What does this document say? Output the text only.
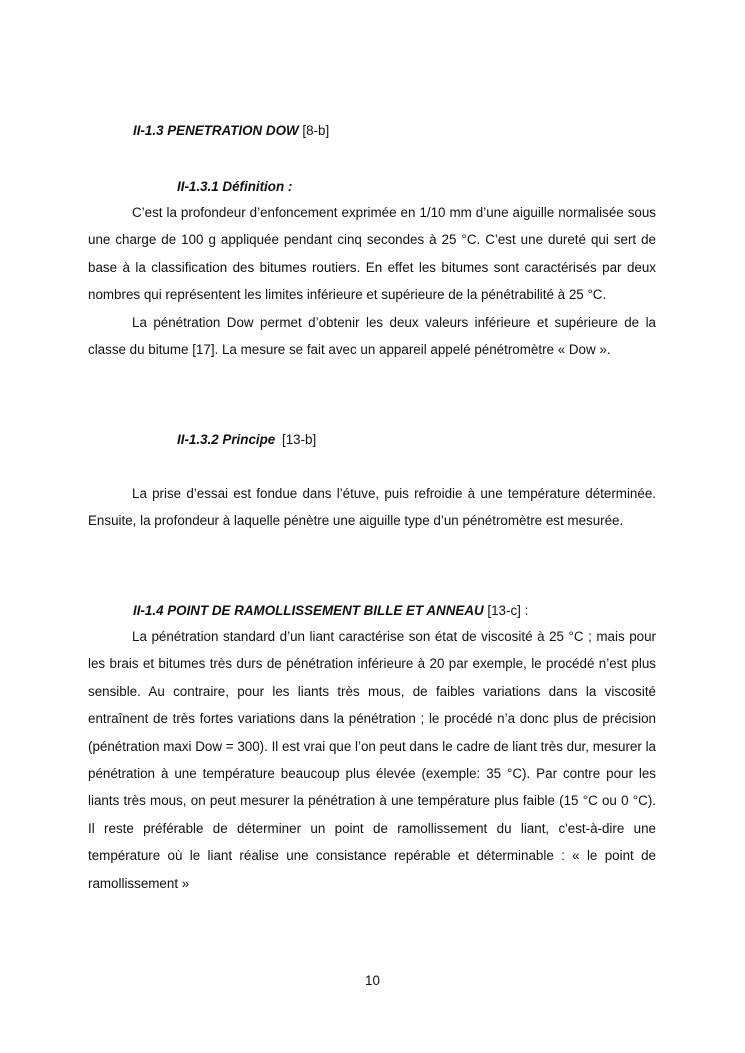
II-1.3 PENETRATION DOW [8-b]
II-1.3.1 Définition :

C’est la profondeur d’enfoncement exprimée en 1/10 mm d’une aiguille normalisée sous une charge de 100 g appliquée pendant cinq secondes à 25 °C. C’est une dureté qui sert de base à la classification des bitumes routiers. En effet les bitumes sont caractérisés par deux nombres qui représentent les limites inférieure et supérieure de la pénétrabilité à 25 °C.

La pénétration Dow permet d’obtenir les deux valeurs inférieure et supérieure de la classe du bitume [17]. La mesure se fait avec un appareil appelé pénétromètre « Dow ».

II-1.3.2 Principe [13-b]

La prise d’essai est fondue dans l’étuve, puis refroidie à une température déterminée. Ensuite, la profondeur à laquelle pénètre une aiguille type d’un pénétromètre est mesurée.

II-1.4 POINT DE RAMOLLISSEMENT BILLE ET ANNEAU [13-c] :

La pénétration standard d’un liant caractérise son état de viscosité à 25 °C ; mais pour les brais et bitumes très durs de pénétration inférieure à 20 par exemple, le procédé n’est plus sensible. Au contraire, pour les liants très mous, de faibles variations dans la viscosité entraînent de très fortes variations dans la pénétration ; le procédé n’a donc plus de précision (pénétration maxi Dow = 300). Il est vrai que l’on peut dans le cadre de liant très dur, mesurer la pénétration à une température beaucoup plus élevée (exemple: 35 °C). Par contre pour les liants très mous, on peut mesurer la pénétration à une température plus faible (15 °C ou 0 °C). Il reste préférable de déterminer un point de ramollissement du liant, c'est-à-dire une température où le liant réalise une consistance repérable et déterminable : « le point de ramollissement »

10
